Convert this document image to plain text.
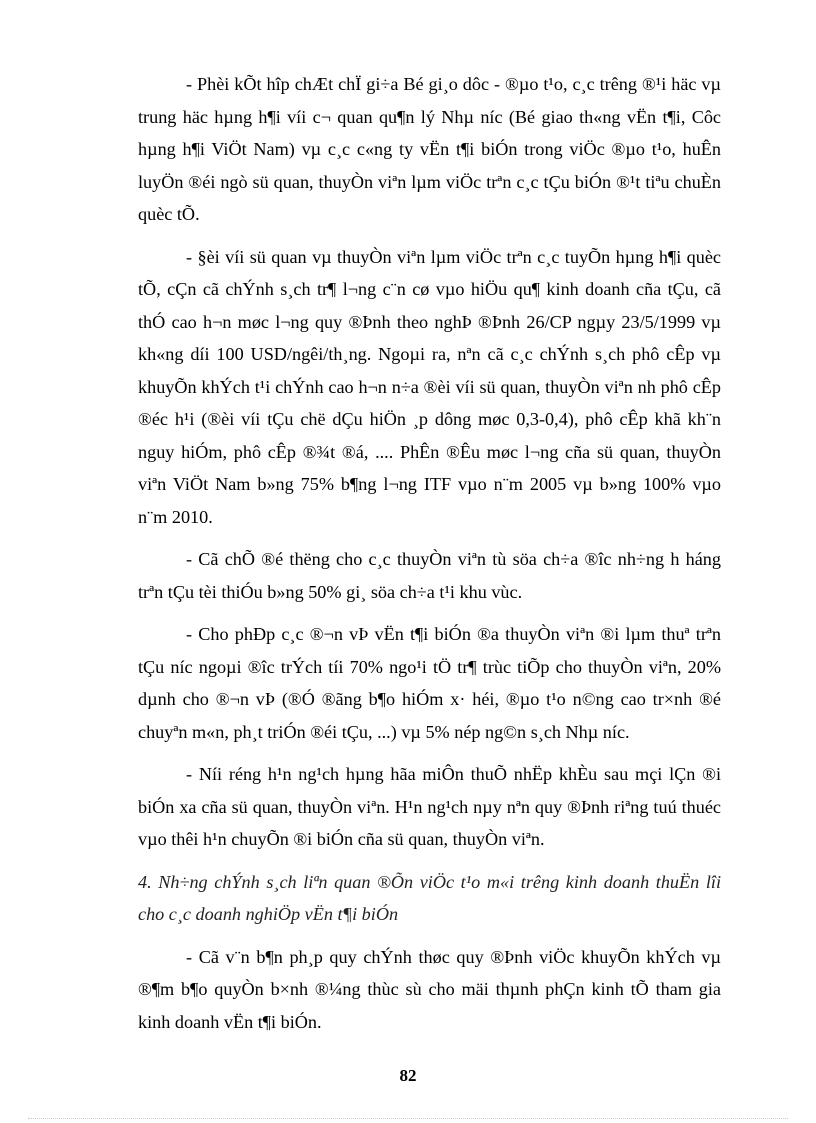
- Phèi kÕt hîp chÆt chÏ gi÷a Bé gi¸o dôc - ®µo t¹o, c¸c trêng ®¹i häc vµ trung häc hµng h¶i víi c¬ quan qu¶n lý Nhµ níc (Bé giao th«ng vËn t¶i, Côc hµng h¶i ViÖt Nam) vµ c¸c c«ng ty vËn t¶i biÓn trong viÖc ®µo t¹o, huÊn luyÖn ®éi ngò sü quan, thuyÒn viªn lµm viÖc trªn c¸c tÇu biÓn ®¹t tiªu chuÈn quèc tÕ.

- §èi víi sü quan vµ thuyÒn viªn lµm viÖc trªn c¸c tuyÕn hµng h¶i quèc tÕ, cÇn cã chÝnh s¸ch tr¶ l¬ng c¨n cø vµo hiÖu qu¶ kinh doanh cña tÇu, cã thÓ cao h¬n møc l¬ng quy ®Þnh theo nghÞ ®Þnh 26/CP ngµy 23/5/1999 vµ kh«ng díi 100 USD/ngêi/th¸ng. Ngoµi ra, nªn cã c¸c chÝnh s¸ch phô cÊp vµ khuyÕn khÝch t¹i chÝnh cao h¬n n÷a ®èi víi sü quan, thuyÒn viªn nh phô cÊp ®éc h¹i (®èi víi tÇu chë dÇu hiÖn ¸p dông møc 0,3-0,4), phô cÊp khã kh¨n nguy hiÓm, phô cÊp ®¾t ®á, .... PhÊn ®Êu møc l¬ng cña sü quan, thuyÒn viªn ViÖt Nam b»ng 75% b¶ng l¬ng ITF vµo n¨m 2005 vµ b»ng 100% vµo n¨m 2010.

- Cã chÕ ®é thëng cho c¸c thuyÒn viªn tù söa ch÷a ®îc nh÷ng h háng trªn tÇu tèi thiÓu b»ng 50% gi¸ söa ch÷a t¹i khu vùc.

- Cho phÐp c¸c ®¬n vÞ vËn t¶i biÓn ®a thuyÒn viªn ®i lµm thuª trªn tÇu níc ngoµi ®îc trÝch tíi 70% ngo¹i tÖ tr¶ trùc tiÕp cho thuyÒn viªn, 20% dµnh cho ®¬n vÞ (®Ó ®ãng b¶o hiÓm x· héi, ®µo t¹o n©ng cao tr×nh ®é chuyªn m«n, ph¸t triÓn ®éi tÇu, ...) vµ 5% nép ng©n s¸ch Nhµ níc.

- Níi réng h¹n ng¹ch hµng hãa miÔn thuÕ nhËp khÈu sau mçi lÇn ®i biÓn xa cña sü quan, thuyÒn viªn. H¹n ng¹ch nµy nªn quy ®Þnh riªng tuú thuéc vµo thêi h¹n chuyÕn ®i biÓn cña sü quan, thuyÒn viªn.

4. Nh÷ng chÝnh s¸ch liªn quan ®Õn viÖc t¹o m«i trêng kinh doanh thuËn lîi cho c¸c doanh nghiÖp vËn t¶i biÓn

- Cã v¨n b¶n ph¸p quy chÝnh thøc quy ®Þnh viÖc khuyÕn khÝch vµ ®¶m b¶o quyÒn b×nh ®¼ng thùc sù cho mäi thµnh phÇn kinh tÕ tham gia kinh doanh vËn t¶i biÓn.

82
